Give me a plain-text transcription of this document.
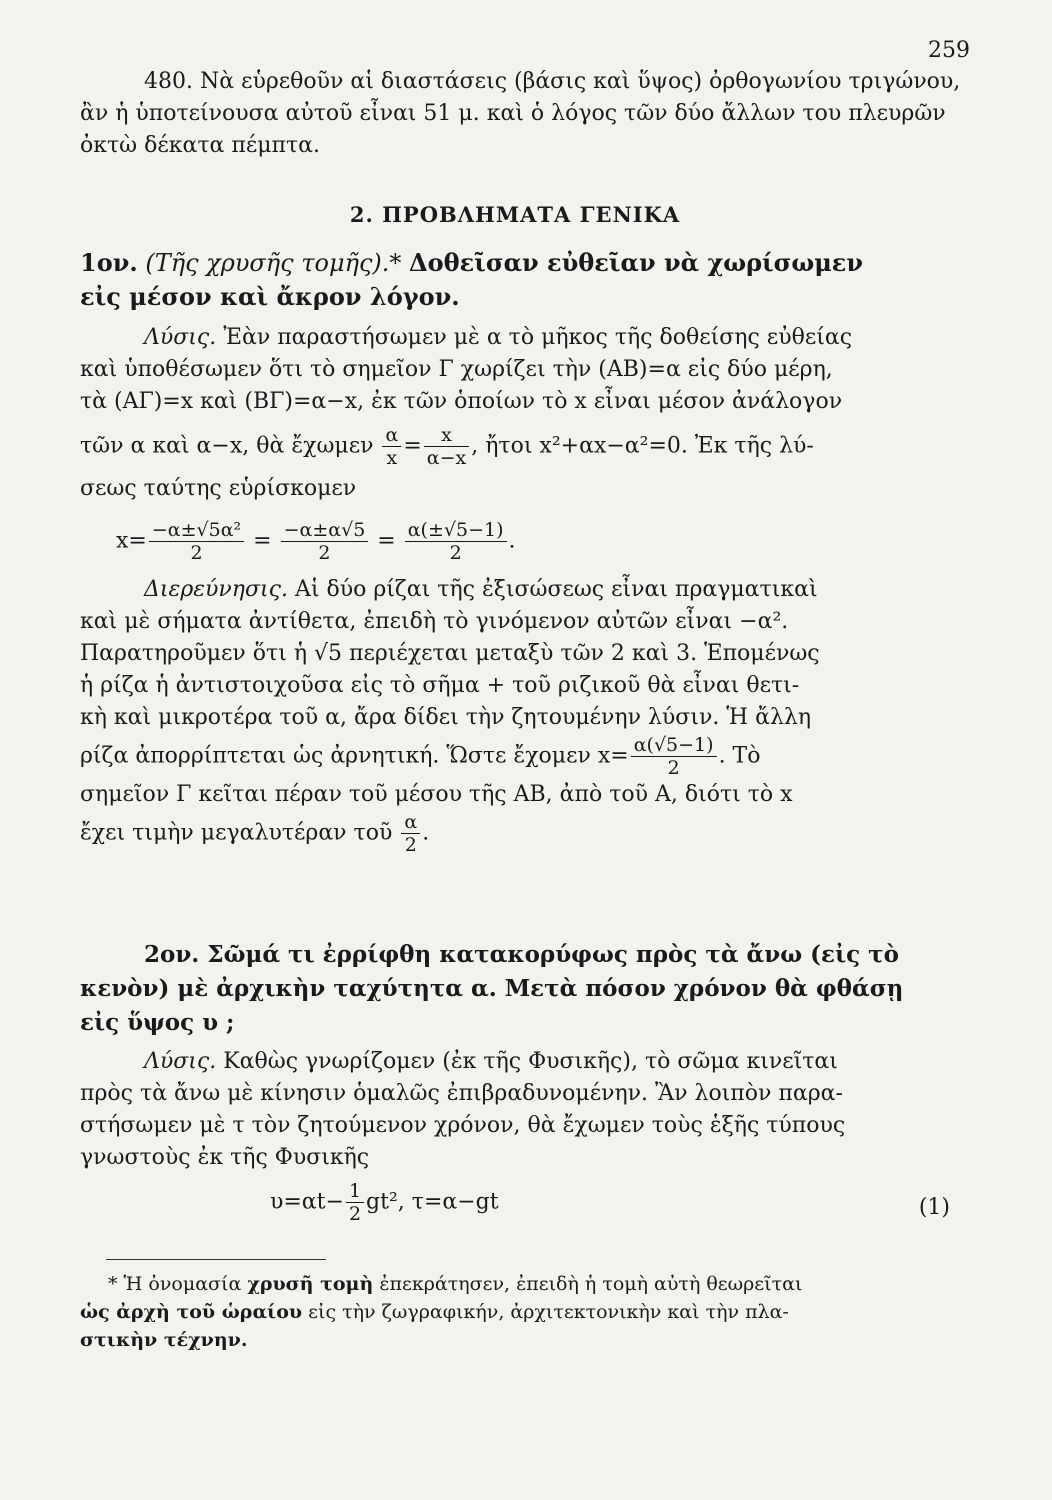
259
480. Νὰ εὑρεθοῦν αἱ διαστάσεις (βάσις καὶ ὕψος) ὀρθογωνίου τριγώνου,
ἂν ἡ ὑποτείνουσα αὐτοῦ εἶναι 51 μ. καὶ ὁ λόγος τῶν δύο ἄλλων του πλευρῶν
ὀκτὼ δέκατα πέμπτα.
2. ΠΡΟΒΛΗΜΑΤΑ ΓΕΝΙΚΑ
1ον. (Τῆς χρυσῆς τομῆς).* Δοθεῖσαν εὐθεῖαν νὰ χωρίσωμεν
εἰς μέσον καὶ ἄκρον λόγον.
Λύσις. Ἐὰν παραστήσωμεν μὲ α τὸ μῆκος τῆς δοθείσης εὐθείας
καὶ ὑποθέσωμεν ὅτι τὸ σημεῖον Γ χωρίζει τὴν (ΑΒ)=α εἰς δύο μέρη,
τὰ (ΑΓ)=x καὶ (ΒΓ)=α−x, ἐκ τῶν ὁποίων τὸ x εἶναι μέσον ἀνάλογον
τῶν α καὶ α−x, θὰ ἔχωμεν $\frac{\alpha}{x} = \frac{x}{\alpha-x}$ , ἤτοι x²+αx−α²=0. Ἐκ τῆς λύ-
σεως ταύτης εὑρίσκομεν
$x= \frac{\text{−α±√5α²}}{2} = \frac{-\alpha\pm\alpha√5}{2} = \frac{\alpha(\pm√5-1)}{2}$ .
Διερεύνησις. Αἱ δύο ρίζαι τῆς ἐξισώσεως εἶναι πραγματικαὶ
καὶ μὲ σήματα ἀντίθετα, ἐπειδὴ τὸ γινόμενον αὐτῶν εἶναι −α².
Παρατηροῦμεν ὅτι ἡ √5 περιέχεται μεταξὺ τῶν 2 καὶ 3. Ἑπομένως
ἡ ρίζα ἡ ἀντιστοιχοῦσα εἰς τὸ σῆμα + τοῦ ριζικοῦ θὰ εἶναι θετι-
κὴ καὶ μικροτέρα τοῦ α, ἄρα δίδει τὴν ζητουμένην λύσιν. Ἡ ἄλλη
ρίζα ἀπορρίπτεται ὡς ἀρνητική. Ὥστε ἔχομεν $x= \frac{\alpha(√5-1)}{2}$ . Τὸ
σημεῖον Γ κεῖται πέραν τοῦ μέσου τῆς ΑΒ, ἀπὸ τοῦ Α, διότι τὸ x
ἔχει τιμὴν μεγαλυτέραν τοῦ $\frac{\alpha}{2}$ .
2ον. Σῶμά τι ἐρρίφθη κατακορύφως πρὸς τὰ ἄνω (εἰς τὸ
κενὸν) μὲ ἀρχικὴν ταχύτητα α. Μετὰ πόσον χρόνον θὰ φθάσῃ
εἰς ὕψος υ ;
Λύσις. Καθὼς γνωρίζομεν (ἐκ τῆς Φυσικῆς), τὸ σῶμα κινεῖται
πρὸς τὰ ἄνω μὲ κίνησιν ὁμαλῶς ἐπιβραδυνομένην. Ἂν λοιπὸν παρα-
στήσωμεν μὲ τ τὸν ζητούμενον χρόνον, θὰ ἔχωμεν τοὺς ἑξῆς τύπους
γνωστοὺς ἐκ τῆς Φυσικῆς
$\upsilon=\alpha t- \frac{1}{2} gt^2$, τ=α−gt	(1)
* Ἡ ὀνομασία χρυσῆ τομὴ ἐπεκράτησεν, ἐπειδὴ ἡ τομὴ αὐτὴ θεωρεῖται
ὡς ἀρχὴ τοῦ ὡραίου εἰς τὴν ζωγραφικήν, ἀρχιτεκτονικὴν καὶ τὴν πλα-
στικὴν τέχνην.
